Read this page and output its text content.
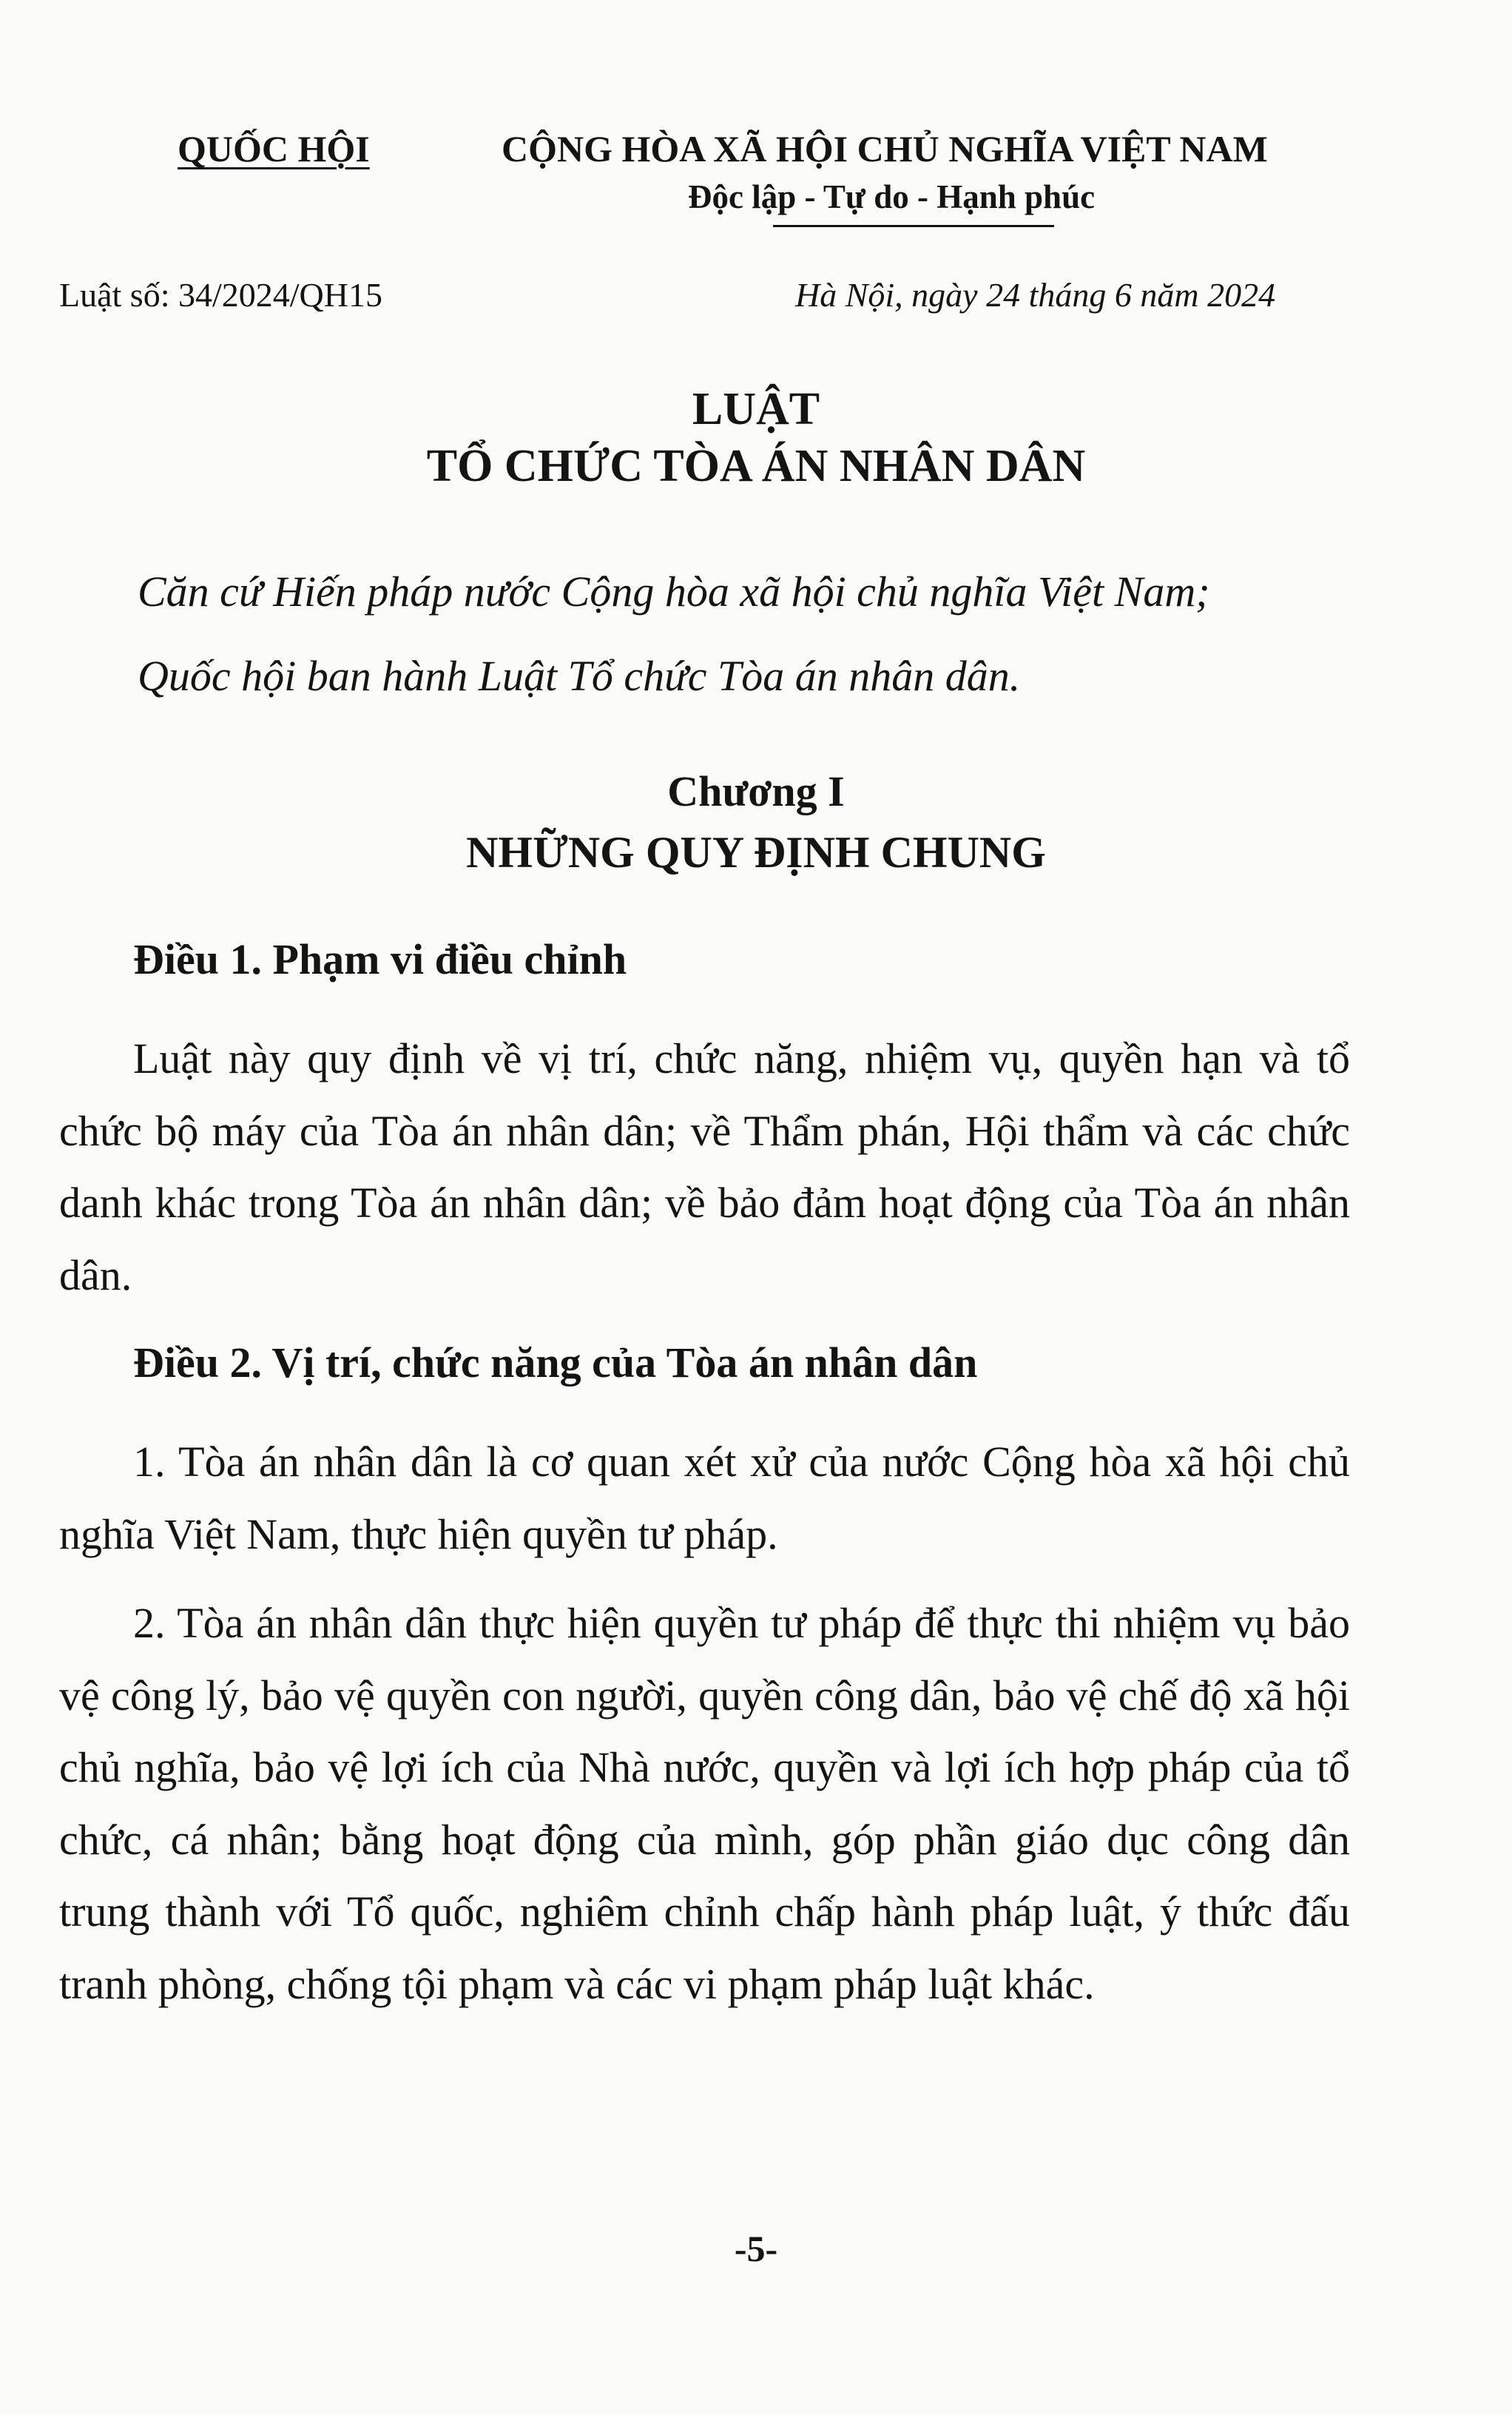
QUỐC HỘI	CỘNG HÒA XÃ HỘI CHỦ NGHĨA VIỆT NAM

Độc lập - Tự do - Hạnh phúc

Luật số: 34/2024/QH15	Hà Nội, ngày 24 tháng 6 năm 2024

LUẬT

TỔ CHỨC TÒA ÁN NHÂN DÂN

Căn cứ Hiến pháp nước Cộng hòa xã hội chủ nghĩa Việt Nam;

Quốc hội ban hành Luật Tổ chức Tòa án nhân dân.

Chương I

NHỮNG QUY ĐỊNH CHUNG

Điều 1. Phạm vi điều chỉnh

Luật này quy định về vị trí, chức năng, nhiệm vụ, quyền hạn và tổ chức bộ máy của Tòa án nhân dân; về Thẩm phán, Hội thẩm và các chức danh khác trong Tòa án nhân dân; về bảo đảm hoạt động của Tòa án nhân dân.

Điều 2. Vị trí, chức năng của Tòa án nhân dân

1. Tòa án nhân dân là cơ quan xét xử của nước Cộng hòa xã hội chủ nghĩa Việt Nam, thực hiện quyền tư pháp.

2. Tòa án nhân dân thực hiện quyền tư pháp để thực thi nhiệm vụ bảo vệ công lý, bảo vệ quyền con người, quyền công dân, bảo vệ chế độ xã hội chủ nghĩa, bảo vệ lợi ích của Nhà nước, quyền và lợi ích hợp pháp của tổ chức, cá nhân; bằng hoạt động của mình, góp phần giáo dục công dân trung thành với Tổ quốc, nghiêm chỉnh chấp hành pháp luật, ý thức đấu tranh phòng, chống tội phạm và các vi phạm pháp luật khác.

-5-
